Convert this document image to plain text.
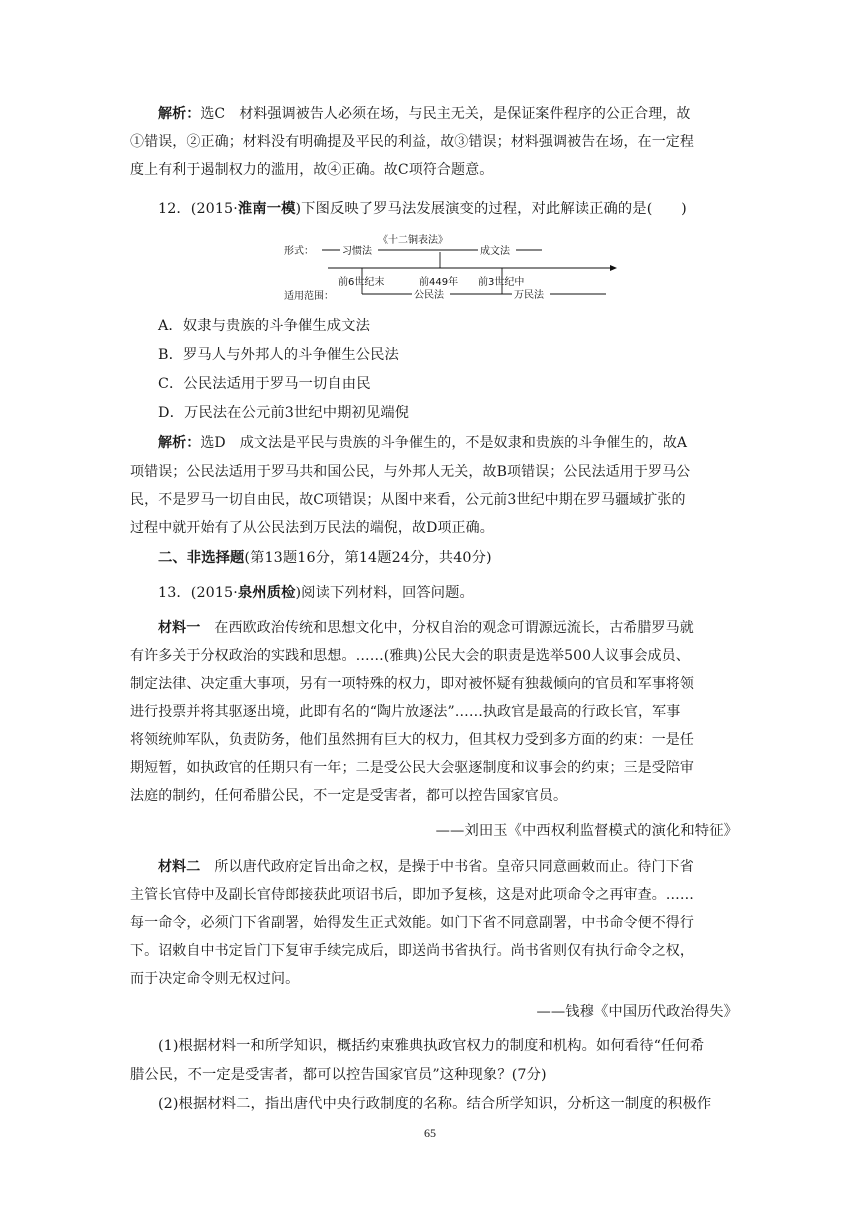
解析：选C　材料强调被告人必须在场，与民主无关，是保证案件程序的公正合理，故
①错误，②正确；材料没有明确提及平民的利益，故③错误；材料强调被告在场，在一定程
度上有利于遏制权力的滥用，故④正确。故C项符合题意。
12．(2015·淮南一模)下图反映了罗马法发展演变的过程，对此解读正确的是(　　)
《十二铜表法》
形式：	习惯法	成文法
前6世纪末	前449年 前3世纪中
适用范围：	公民法	万民法
A．奴隶与贵族的斗争催生成文法
B．罗马人与外邦人的斗争催生公民法
C．公民法适用于罗马一切自由民
D．万民法在公元前3世纪中期初见端倪
解析：选D　成文法是平民与贵族的斗争催生的，不是奴隶和贵族的斗争催生的，故A
项错误；公民法适用于罗马共和国公民，与外邦人无关，故B项错误；公民法适用于罗马公
民，不是罗马一切自由民，故C项错误；从图中来看，公元前3世纪中期在罗马疆域扩张的
过程中就开始有了从公民法到万民法的端倪，故D项正确。
二、非选择题(第13题16分，第14题24分，共40分)
13．(2015·泉州质检)阅读下列材料，回答问题。
材料一　在西欧政治传统和思想文化中，分权自治的观念可谓源远流长，古希腊罗马就
有许多关于分权政治的实践和思想。……(雅典)公民大会的职责是选举500人议事会成员、
制定法律、决定重大事项，另有一项特殊的权力，即对被怀疑有独裁倾向的官员和军事将领
进行投票并将其驱逐出境，此即有名的“陶片放逐法”……执政官是最高的行政长官，军事
将领统帅军队，负责防务，他们虽然拥有巨大的权力，但其权力受到多方面的约束：一是任
期短暂，如执政官的任期只有一年；二是受公民大会驱逐制度和议事会的约束；三是受陪审
法庭的制约，任何希腊公民，不一定是受害者，都可以控告国家官员。
——刘田玉《中西权利监督模式的演化和特征》
材料二　所以唐代政府定旨出命之权，是操于中书省。皇帝只同意画敕而止。待门下省
主管长官侍中及副长官侍郎接获此项诏书后，即加予复核，这是对此项命令之再审查。……
每一命令，必须门下省副署，始得发生正式效能。如门下省不同意副署，中书命令便不得行
下。诏敕自中书定旨门下复审手续完成后，即送尚书省执行。尚书省则仅有执行命令之权，
而于决定命令则无权过问。
——钱穆《中国历代政治得失》
(1)根据材料一和所学知识，概括约束雅典执政官权力的制度和机构。如何看待“任何希
腊公民，不一定是受害者，都可以控告国家官员”这种现象？(7分)
(2)根据材料二，指出唐代中央行政制度的名称。结合所学知识，分析这一制度的积极作
65
